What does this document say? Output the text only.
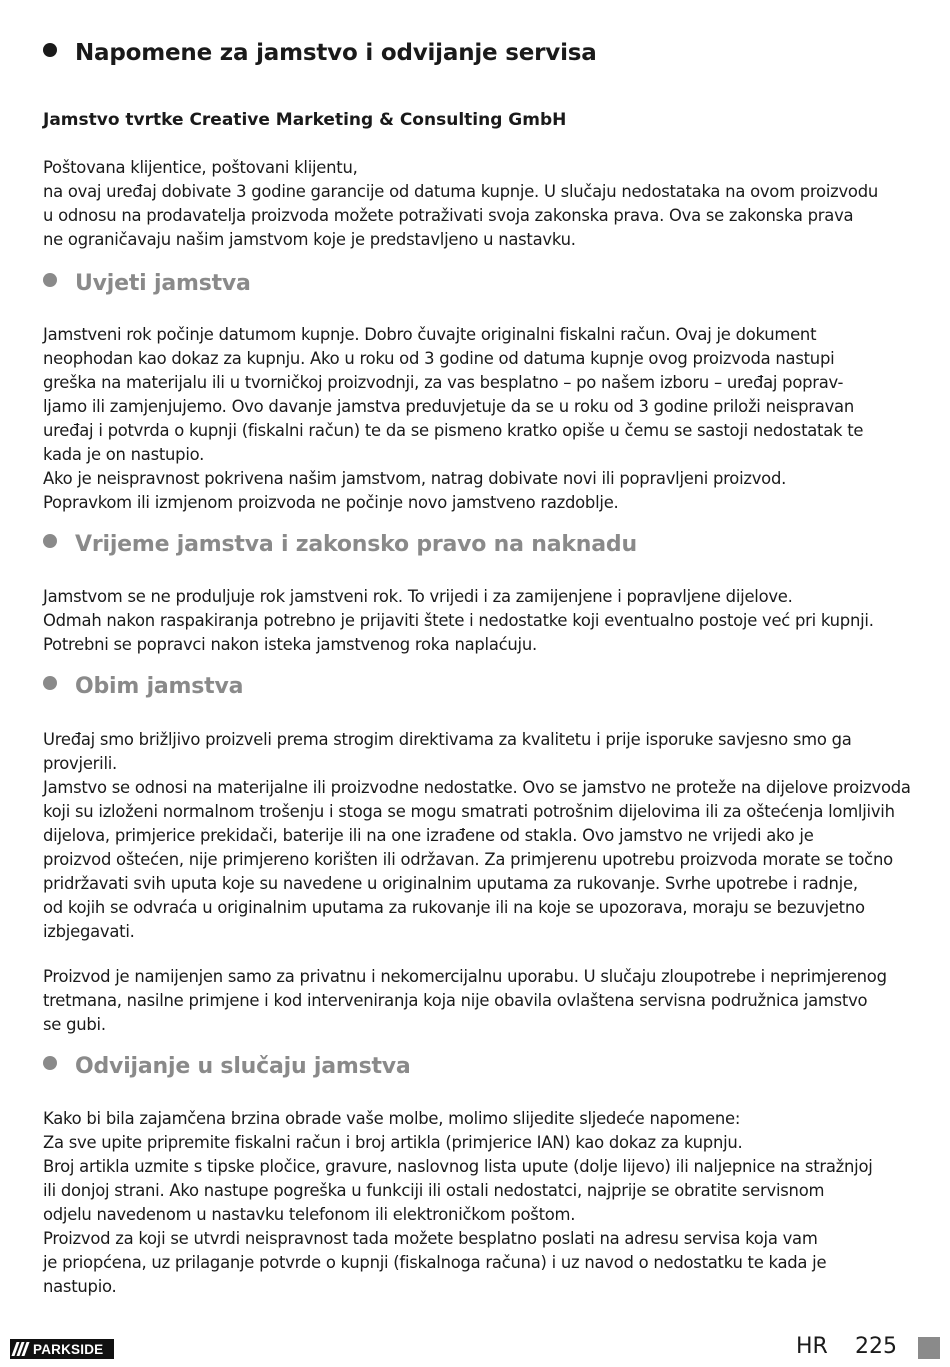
Napomene za jamstvo i odvijanje servisa
Jamstvo tvrtke Creative Marketing & Consulting GmbH
Poštovana klijentice, poštovani klijentu,
na ovaj uređaj dobivate 3 godine garancije od datuma kupnje. U slučaju nedostataka na ovom proizvodu
u odnosu na prodavatelja proizvoda možete potraživati svoja zakonska prava. Ova se zakonska prava
ne ograničavaju našim jamstvom koje je predstavljeno u nastavku.
Uvjeti jamstva
Jamstveni rok počinje datumom kupnje. Dobro čuvajte originalni fiskalni račun. Ovaj je dokument
neophodan kao dokaz za kupnju. Ako u roku od 3 godine od datuma kupnje ovog proizvoda nastupi
greška na materijalu ili u tvorničkoj proizvodnji, za vas besplatno – po našem izboru – uređaj poprav-
ljamo ili zamjenjujemo. Ovo davanje jamstva preduvjetuje da se u roku od 3 godine priloži neispravan
uređaj i potvrda o kupnji (fiskalni račun) te da se pismeno kratko opiše u čemu se sastoji nedostatak te
kada je on nastupio.
Ako je neispravnost pokrivena našim jamstvom, natrag dobivate novi ili popravljeni proizvod.
Popravkom ili izmjenom proizvoda ne počinje novo jamstveno razdoblje.
Vrijeme jamstva i zakonsko pravo na naknadu
Jamstvom se ne produljuje rok jamstveni rok. To vrijedi i za zamijenjene i popravljene dijelove.
Odmah nakon raspakiranja potrebno je prijaviti štete i nedostatke koji eventualno postoje već pri kupnji.
Potrebni se popravci nakon isteka jamstvenog roka naplaćuju.
Obim jamstva
Uređaj smo brižljivo proizveli prema strogim direktivama za kvalitetu i prije isporuke savjesno smo ga
provjerili.
Jamstvo se odnosi na materijalne ili proizvodne nedostatke. Ovo se jamstvo ne proteže na dijelove proizvoda
koji su izloženi normalnom trošenju i stoga se mogu smatrati potrošnim dijelovima ili za oštećenja lomljivih
dijelova, primjerice prekidači, baterije ili na one izrađene od stakla. Ovo jamstvo ne vrijedi ako je
proizvod oštećen, nije primjereno korišten ili održavan. Za primjerenu upotrebu proizvoda morate se točno
pridržavati svih uputa koje su navedene u originalnim uputama za rukovanje. Svrhe upotrebe i radnje,
od kojih se odvraća u originalnim uputama za rukovanje ili na koje se upozorava, moraju se bezuvjetno
izbjegavati.
Proizvod je namijenjen samo za privatnu i nekomercijalnu uporabu. U slučaju zloupotrebe i neprimjerenog
tretmana, nasilne primjene i kod interveniranja koja nije obavila ovlaštena servisna podružnica jamstvo
se gubi.
Odvijanje u slučaju jamstva
Kako bi bila zajamčena brzina obrade vaše molbe, molimo slijedite sljedeće napomene:
Za sve upite pripremite fiskalni račun i broj artikla (primjerice IAN) kao dokaz za kupnju.
Broj artikla uzmite s tipske pločice, gravure, naslovnog lista upute (dolje lijevo) ili naljepnice na stražnjoj
ili donjoj strani. Ako nastupe pogreška u funkciji ili ostali nedostatci, najprije se obratite servisnom
odjelu navedenom u nastavku telefonom ili elektroničkom poštom.
Proizvod za koji se utvrdi neispravnost tada možete besplatno poslati na adresu servisa koja vam
je priopćena, uz prilaganje potvrde o kupnji (fiskalnoga računa) i uz navod o nedostatku te kada je
nastupio.
PARKSIDE	HR 225
